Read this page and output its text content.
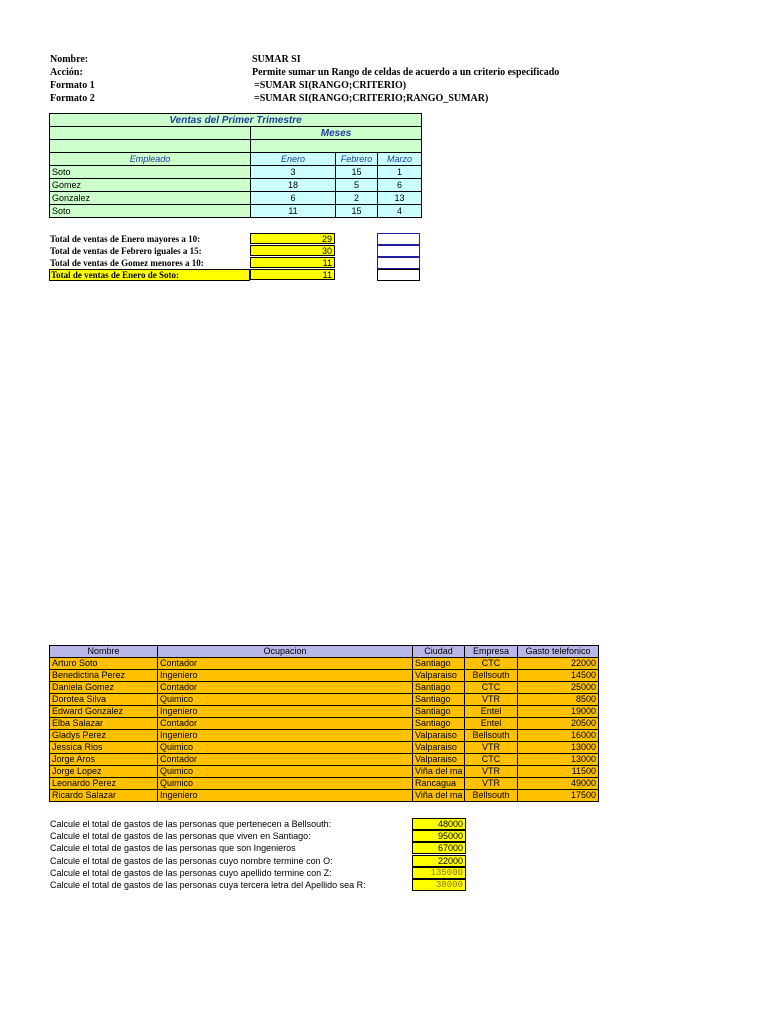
Nombre:	SUMAR SI
Acción:	Permite sumar un Rango de celdas de acuerdo a un criterio especificado
Formato 1	=SUMAR SI(RANGO;CRITERIO)
Formato 2	=SUMAR SI(RANGO;CRITERIO;RANGO_SUMAR)
Ventas del Primer Trimestre			
	Meses		

Empleado	Enero	Febrero	Marzo
Soto	3	15	1
Gomez	18	5	6
Gonzalez	6	2	13
Soto	11	15	4
Total de ventas de Enero mayores a 10:	29
Total de ventas de Febrero iguales a 15:	30
Total de ventas de Gomez menores a 10:	11
Total de ventas de Enero de Soto:	11
Nombre	Ocupacion	Ciudad	Empresa	Gasto telefonico
Arturo Soto	Contador	Santiago	CTC	22000
Benedictina Perez	Ingeniero	Valparaiso	Bellsouth	14500
Daniela Gomez	Contador	Santiago	CTC	25000
Dorotea Silva	Quimico	Santiago	VTR	8500
Edward Gonzalez	Ingeniero	Santiago	Entel	19000
Elba Salazar	Contador	Santiago	Entel	20500
Gladys Perez	Ingeniero	Valparaiso	Bellsouth	16000
Jessica Rios	Quimico	Valparaiso	VTR	13000
Jorge Aros	Contador	Valparaiso	CTC	13000
Jorge Lopez	Quimico	Viña del ma	VTR	11500
Leonardo Perez	Quimico	Rancagua	VTR	49000
Ricardo Salazar	Ingeniero	Viña del ma	Bellsouth	17500
Calcule el total de gastos de las personas que pertenecen a Bellsouth:	48000
Calcule el total de gastos de las personas que viven en Santiago:	95000
Calcule el total de gastos de las personas que son Ingenieros	67000
Calcule el total de gastos de las personas cuyo nombre termine con O:	22000
Calcule el total de gastos de las personas cuyo apellido termine con Z:	135000
Calcule el total de gastos de las personas cuya tercera letra del Apellido sea R:	38000
